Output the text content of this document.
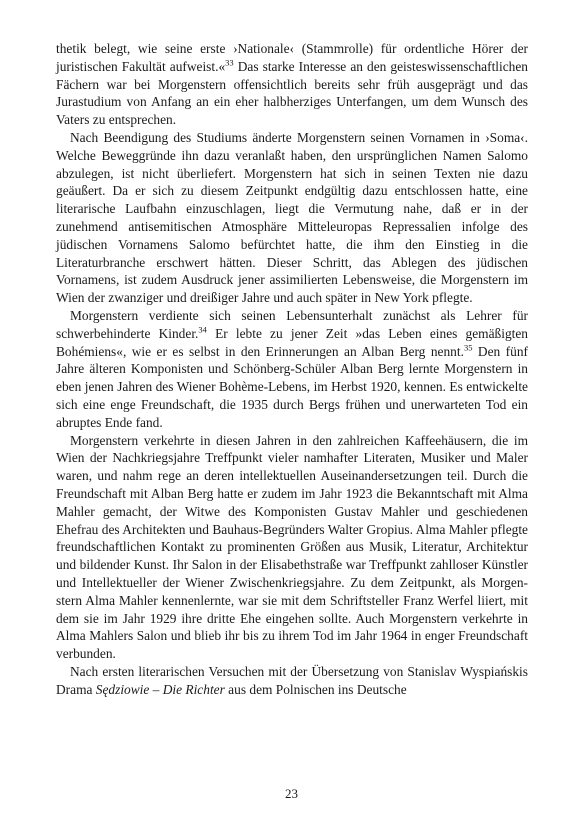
thetik belegt, wie seine erste ›Nationale‹ (Stammrolle) für ordentliche Hörer der juristischen Fakultät aufweist.«$^{33}$ Das starke Interesse an den geisteswissenschaftlichen Fächern war bei Morgenstern offensichtlich bereits sehr früh ausgeprägt und das Jurastudium von Anfang an ein eher halbherziges Unterfangen, um dem Wunsch des Vaters zu entsprechen.

Nach Beendigung des Studiums änderte Morgenstern seinen Vornamen in ›Soma‹. Welche Beweggründe ihn dazu veranlaßt haben, den ursprünglichen Namen Salomo abzulegen, ist nicht überliefert. Morgenstern hat sich in seinen Texten nie dazu geäußert. Da er sich zu diesem Zeitpunkt endgültig dazu entschlossen hatte, eine literarische Laufbahn einzuschlagen, liegt die Vermutung nahe, daß er in der zunehmend antisemitischen Atmosphäre Mitteleuropas Repressalien infolge des jüdischen Vornamens Salomo befürchtet hatte, die ihm den Einstieg in die Literaturbranche erschwert hätten. Dieser Schritt, das Ablegen des jüdischen Vornamens, ist zudem Ausdruck jener assimilierten Lebensweise, die Morgenstern im Wien der zwanziger und dreißiger Jahre und auch später in New York pflegte.

Morgenstern verdiente sich seinen Lebensunterhalt zunächst als Lehrer für schwerbehinderte Kinder.$^{34}$ Er lebte zu jener Zeit »das Leben eines gemäßigten Bohémiens«, wie er es selbst in den Erinnerungen an Alban Berg nennt.$^{35}$ Den fünf Jahre älteren Komponisten und Schönberg-Schüler Alban Berg lernte Morgenstern in eben jenen Jahren des Wiener Bohème-Lebens, im Herbst 1920, kennen. Es entwickelte sich eine enge Freundschaft, die 1935 durch Bergs frühen und unerwarteten Tod ein abruptes Ende fand.

Morgenstern verkehrte in diesen Jahren in den zahlreichen Kaffeehäusern, die im Wien der Nachkriegsjahre Treffpunkt vieler namhafter Literaten, Musiker und Maler waren, und nahm rege an deren intellektuellen Auseinandersetzungen teil. Durch die Freundschaft mit Alban Berg hatte er zudem im Jahr 1923 die Bekanntschaft mit Alma Mahler gemacht, der Witwe des Komponisten Gustav Mahler und geschiedenen Ehefrau des Architekten und Bauhaus-Begründers Walter Gropius. Alma Mahler pflegte freundschaftlichen Kontakt zu prominenten Größen aus Musik, Literatur, Architektur und bildender Kunst. Ihr Salon in der Elisabethstraße war Treffpunkt zahlloser Künstler und Intellektueller der Wiener Zwischenkriegsjahre. Zu dem Zeitpunkt, als Morgenstern Alma Mahler kennenlernte, war sie mit dem Schriftsteller Franz Werfel liiert, mit dem sie im Jahr 1929 ihre dritte Ehe eingehen sollte. Auch Morgenstern verkehrte in Alma Mahlers Salon und blieb ihr bis zu ihrem Tod im Jahr 1964 in enger Freundschaft verbunden.

Nach ersten literarischen Versuchen mit der Übersetzung von Stanislav Wyspiańskis Drama Sędziowie – Die Richter aus dem Polnischen ins Deutsche

23
